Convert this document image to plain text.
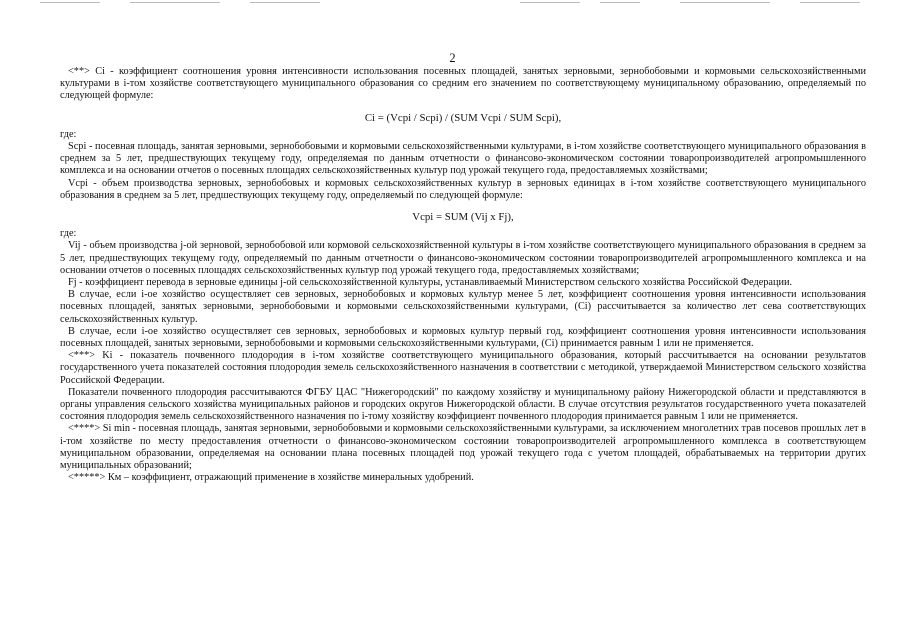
2

<**> Ci - коэффициент соотношения уровня интенсивности использования посевных площадей, занятых зерновыми, зернобобовыми и кормовыми сельскохозяйственными культурами в i-том хозяйстве соответствующего муниципального образования со средним его значением по соответствующему муниципальному образованию, определяемый по следующей формуле:

Ci = (Vcpi / Scpi) / (SUM Vcpi / SUM Scpi),

где:

Scpi - посевная площадь, занятая зерновыми, зернобобовыми и кормовыми сельскохозяйственными культурами, в i-том хозяйстве соответствующего муниципального образования в среднем за 5 лет, предшествующих текущему году, определяемая по данным отчетности о финансово-экономическом состоянии товаропроизводителей агропромышленного комплекса и на основании отчетов о посевных площадях сельскохозяйственных культур под урожай текущего года, предоставляемых хозяйствами;

Vcpi - объем производства зерновых, зернобобовых и кормовых сельскохозяйственных культур в зерновых единицах в i-том хозяйстве соответствующего муниципального образования в среднем за 5 лет, предшествующих текущему году, определяемый по следующей формуле:

Vcpi = SUM (Vij x Fj),

где:

Vij - объем производства j-ой зерновой, зернобобовой или кормовой сельскохозяйственной культуры в i-том хозяйстве соответствующего муниципального образования в среднем за 5 лет, предшествующих текущему году, определяемый по данным отчетности о финансово-экономическом состоянии товаропроизводителей агропромышленного комплекса и на основании отчетов о посевных площадях сельскохозяйственных культур под урожай текущего года, предоставляемых хозяйствами;

Fj - коэффициент перевода в зерновые единицы j-ой сельскохозяйственной культуры, устанавливаемый Министерством сельского хозяйства Российской Федерации.

В случае, если i-ое хозяйство осуществляет сев зерновых, зернобобовых и кормовых культур менее 5 лет, коэффициент соотношения уровня интенсивности использования посевных площадей, занятых зерновыми, зернобобовыми и кормовыми сельскохозяйственными культурами, (Ci) рассчитывается за количество лет сева соответствующих сельскохозяйственных культур.

В случае, если i-ое хозяйство осуществляет сев зерновых, зернобобовых и кормовых культур первый год, коэффициент соотношения уровня интенсивности использования посевных площадей, занятых зерновыми, зернобобовыми и кормовыми сельскохозяйственными культурами, (Ci) принимается равным 1 или не применяется.

<***> Ki - показатель почвенного плодородия в i-том хозяйстве соответствующего муниципального образования, который рассчитывается на основании результатов государственного учета показателей состояния плодородия земель сельскохозяйственного назначения в соответствии с методикой, утверждаемой Министерством сельского хозяйства Российской Федерации.

Показатели почвенного плодородия рассчитываются ФГБУ ЦАС "Нижегородский" по каждому хозяйству и муниципальному району Нижегородской области и представляются в органы управления сельского хозяйства муниципальных районов и городских округов Нижегородской области. В случае отсутствия результатов государственного учета показателей состояния плодородия земель сельскохозяйственного назначения по i-тому хозяйству коэффициент почвенного плодородия принимается равным 1 или не применяется.

<****> Si min - посевная площадь, занятая зерновыми, зернобобовыми и кормовыми сельскохозяйственными культурами, за исключением многолетних трав посевов прошлых лет в i-том хозяйстве по месту предоставления отчетности о финансово-экономическом состоянии товаропроизводителей агропромышленного комплекса в соответствующем муниципальном образовании, определяемая на основании плана посевных площадей под урожай текущего года с учетом площадей, обрабатываемых на территории других муниципальных образований;

<*****> Км – коэффициент, отражающий применение в хозяйстве минеральных удобрений.
